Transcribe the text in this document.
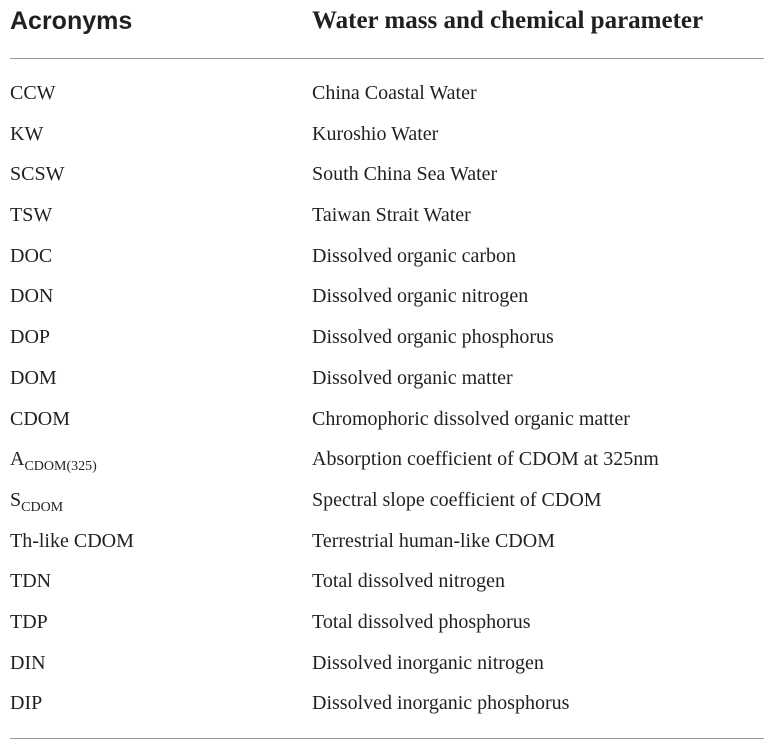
Acronyms	Water mass and chemical parameter
CCW	China Coastal Water
KW	Kuroshio Water
SCSW	South China Sea Water
TSW	Taiwan Strait Water
DOC	Dissolved organic carbon
DON	Dissolved organic nitrogen
DOP	Dissolved organic phosphorus
DOM	Dissolved organic matter
CDOM	Chromophoric dissolved organic matter
$A_{CDOM(325)}$	Absorption coefficient of CDOM at 325nm
$S_{CDOM}$	Spectral slope coefficient of CDOM
Th-like CDOM	Terrestrial human-like CDOM
TDN	Total dissolved nitrogen
TDP	Total dissolved phosphorus
DIN	Dissolved inorganic nitrogen
DIP	Dissolved inorganic phosphorus
